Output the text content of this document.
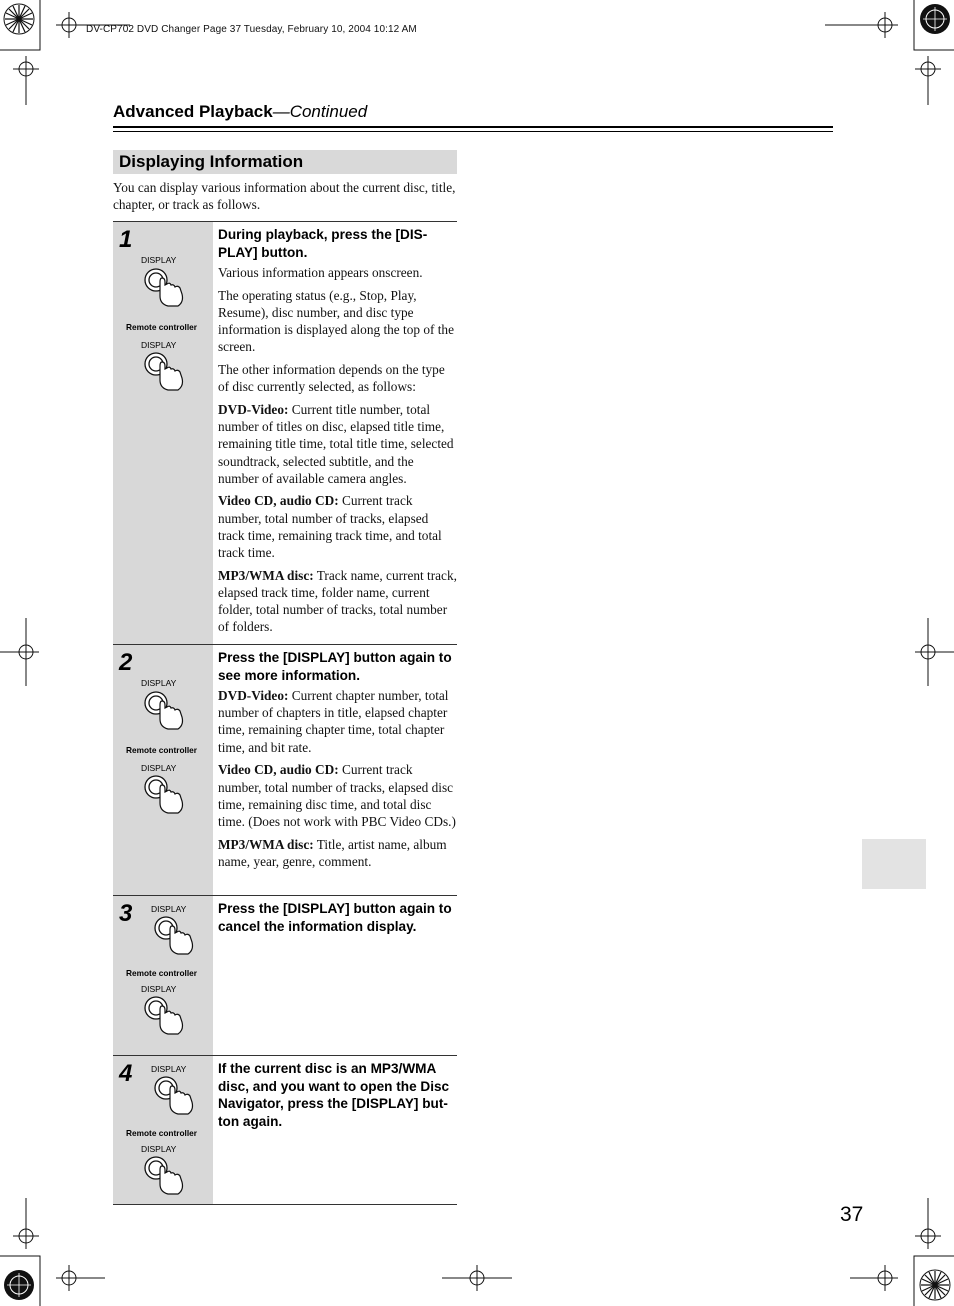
DV-CP702 DVD Changer Page 37 Tuesday, February 10, 2004 10:12 AM
Advanced Playback—Continued
Displaying Information
You can display various information about the current disc, title, chapter, or track as follows.
1
DISPLAY
Remote controller
DISPLAY
During playback, press the [DIS-PLAY] button.

Various information appears onscreen.

The operating status (e.g., Stop, Play, Resume), disc number, and disc type information is displayed along the top of the screen.

The other information depends on the type of disc currently selected, as follows:

DVD-Video: Current title number, total number of titles on disc, elapsed title time, remaining title time, total title time, selected soundtrack, selected subtitle, and the number of available camera angles.

Video CD, audio CD: Current track number, total number of tracks, elapsed track time, remaining track time, and total track time.

MP3/WMA disc: Track name, current track, elapsed track time, folder name, current folder, total number of tracks, total number of folders.

2
DISPLAY
Remote controller
DISPLAY
Press the [DISPLAY] button again to see more information.

DVD-Video: Current chapter number, total number of chapters in title, elapsed chapter time, remaining chapter time, total chapter time, and bit rate.

Video CD, audio CD: Current track number, total number of tracks, elapsed disc time, remaining disc time, and total disc time. (Does not work with PBC Video CDs.)

MP3/WMA disc: Title, artist name, album name, year, genre, comment.

3 DISPLAY
Remote controller
DISPLAY
Press the [DISPLAY] button again to cancel the information display.
4 DISPLAY
Remote controller
DISPLAY
If the current disc is an MP3/WMA disc, and you want to open the Disc Navigator, press the [DISPLAY] but-ton again.
37
